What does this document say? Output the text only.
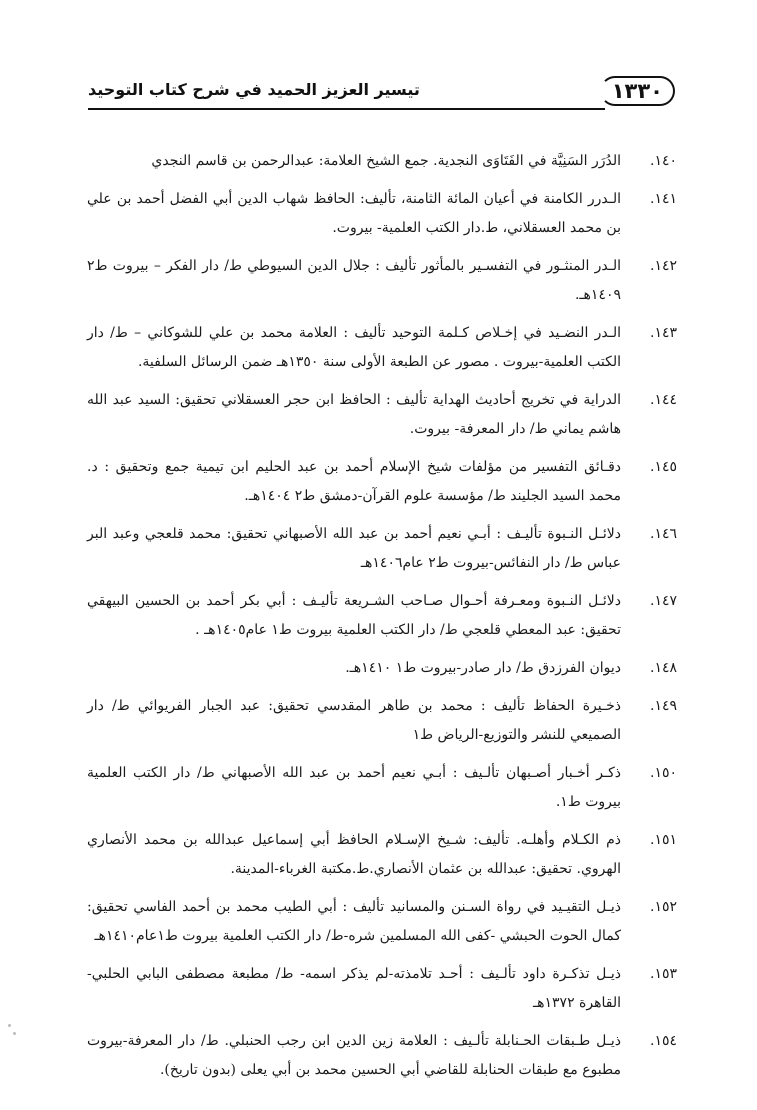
١٣٣٠
تيسير العزيز الحميد في شرح كتاب التوحيد
١٤٠.
الدُرَر السَنِيَّة في الفَتَاوَى النجدية. جمع الشيخ العلامة: عبدالرحمن بن قاسم النجدي
١٤١.
الـدرر الكامنة في أعيان المائة الثامنة، تأليف: الحافظ شهاب الدين أبي الفضل أحمد بن علي بن محمد العسقلاني، ط.دار الكتب العلمية- بيروت.
١٤٢.
الـدر المنثـور في التفسـير بالمأثور تأليف : جلال الدين السيوطي ط/ دار الفكر – بيروت ط٢ ١٤٠٩هـ.
١٤٣.
الـدر النضـيد في إخـلاص كـلمة التوحيد تأليف : العلامة محمد بن علي للشوكاني – ط/ دار الكتب العلمية-بيروت . مصور عن الطبعة الأولى سنة ١٣٥٠هـ ضمن الرسائل السلفية.
١٤٤.
الدراية في تخريج أحاديث الهداية تأليف : الحافظ ابن حجر العسقلاني تحقيق: السيد عبد الله هاشم يماني ط/ دار المعرفة- بيروت.
١٤٥.
دقـائق التفسير من مؤلفات شيخ الإسلام أحمد بن عبد الحليم ابن تيمية جمع وتحقيق : د. محمد السيد الجليند ط/ مؤسسة علوم القرآن-دمشق ط٢ ١٤٠٤هـ.
١٤٦.
دلائـل النـبوة تأليـف : أبـي نعيم أحمد بن عبد الله الأصبهاني تحقيق: محمد قلعجي وعبد البر عباس ط/ دار النفائس-بيروت ط٢ عام١٤٠٦هـ
١٤٧.
دلائـل النـبوة ومعـرفة أحـوال صـاحب الشـريعة تأليـف : أبي بكر أحمد بن الحسين البيهقي تحقيق: عبد المعطي قلعجي ط/ دار الكتب العلمية بيروت ط١ عام١٤٠٥هـ .
١٤٨.
ديوان الفرزدق ط/ دار صادر-بيروت ط١ ١٤١٠هـ.
١٤٩.
ذخـيرة الحفاظ تأليف : محمد بن طاهر المقدسي تحقيق: عبد الجبار الفريوائي ط/ دار الصميعي للنشر والتوزيع-الرياض ط١
١٥٠.
ذكـر أخـبار أصـبهان تألـيف : أبـي نعيم أحمد بن عبد الله الأصبهاني ط/ دار الكتب العلمية بيروت ط١.
١٥١.
ذم الكـلام وأهلـه. تأليف: شـيخ الإسـلام الحافظ أبي إسماعيل عبدالله بن محمد الأنصاري الهروي. تحقيق: عبدالله بن عثمان الأنصاري.ط.مكتبة الغرباء-المدينة.
١٥٢.
ذيـل التقيـيد في رواة السـنن والمسانيد تأليف : أبي الطيب محمد بن أحمد الفاسي تحقيق: كمال الحوت الحبشي -كفى الله المسلمين شره-ط/ دار الكتب العلمية بيروت ط١عام١٤١٠هـ
١٥٣.
ذيـل تذكـرة داود تألـيف : أحـد تلامذته-لم يذكر اسمه- ط/ مطبعة مصطفى البابي الحلبي- القاهرة ١٣٧٢هـ
١٥٤.
ذيـل طـبقات الحـنابلة تألـيف : العلامة زين الدين ابن رجب الحنبلي. ط/ دار المعرفة-بيروت مطبوع مع طبقات الحنابلة للقاضي أبي الحسين محمد بن أبي يعلى (بدون تاريخ).
